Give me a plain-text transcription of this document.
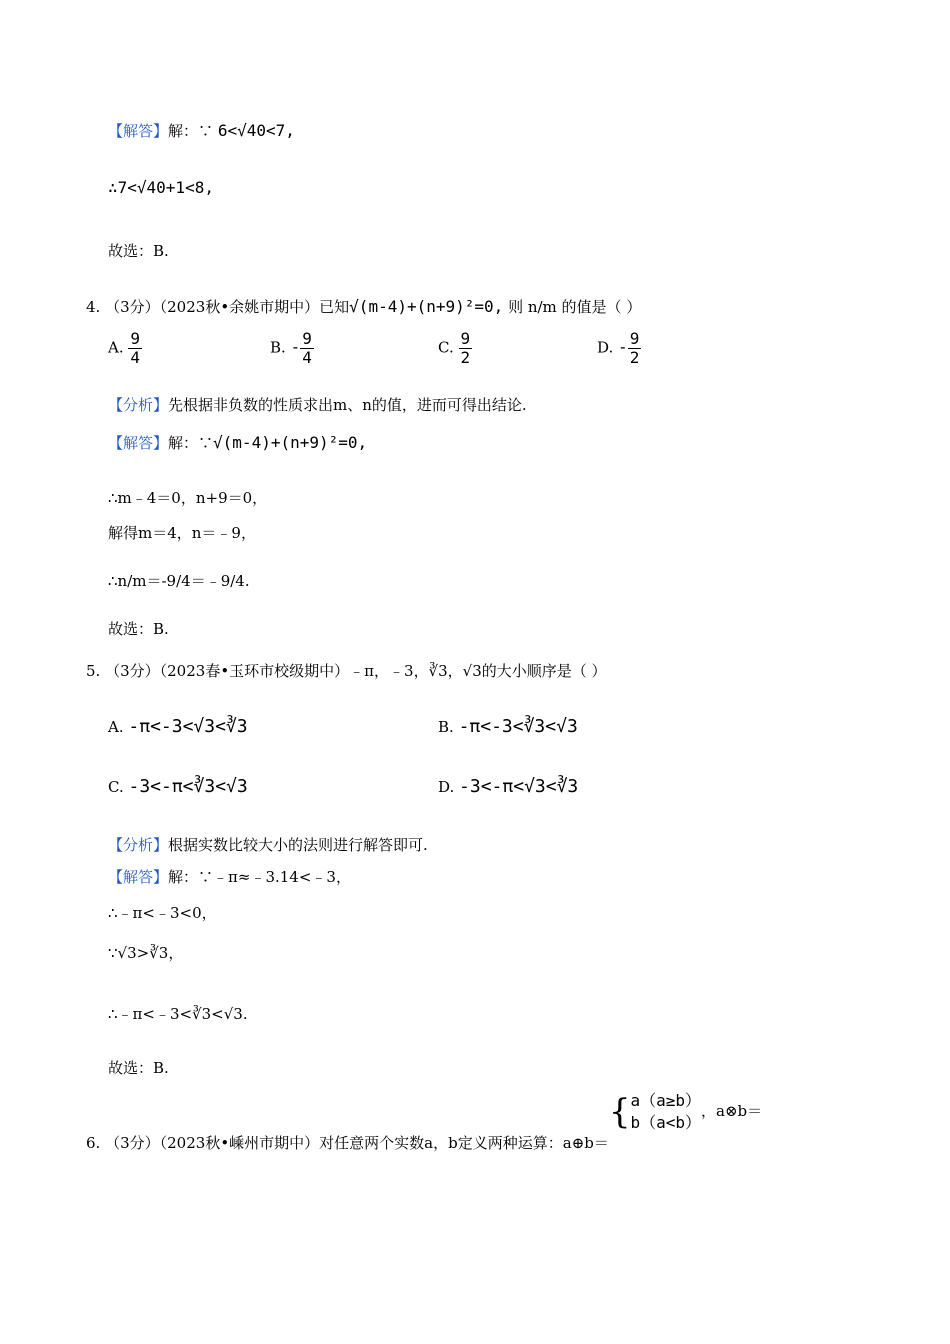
【解答】解：∵ 6<√40<7,
∴7<√40+1<8,
故选：B.
4. （3分）（2023秋•余姚市期中）已知√(m-4)+(n+9)²=0, 则 n/m 的值是（ ）
A. $\frac{9}{4}$	B. - $\frac{9}{4}$	C. $\frac{9}{2}$	D. - $\frac{9}{2}$
【分析】先根据非负数的性质求出m、n的值，进而可得出结论.
【解答】解：∵√(m-4)+(n+9)²=0,
∴m﹣4＝0，n+9＝0，
解得m＝4，n＝﹣9，
∴n/m＝-9/4＝﹣9/4.
故选：B.
5. （3分）（2023春•玉环市校级期中）﹣π，﹣3，∛3，√3的大小顺序是（ ）
A. -π<-3<√3<∛3	B. -π<-3<∛3<√3
C. -3<-π<∛3<√3	D. -3<-π<√3<∛3
【分析】根据实数比较大小的法则进行解答即可.
【解答】解：∵﹣π≈﹣3.14<﹣3，
∴﹣π<﹣3<0，
∵√3>∛3，
∴﹣π<﹣3<∛3<√3.
故选：B.
6. （3分）（2023秋•嵊州市期中）对任意两个实数a，b定义两种运算：a⊕b＝{ a（a≥b）
b（a<b）
，a⊗b＝
